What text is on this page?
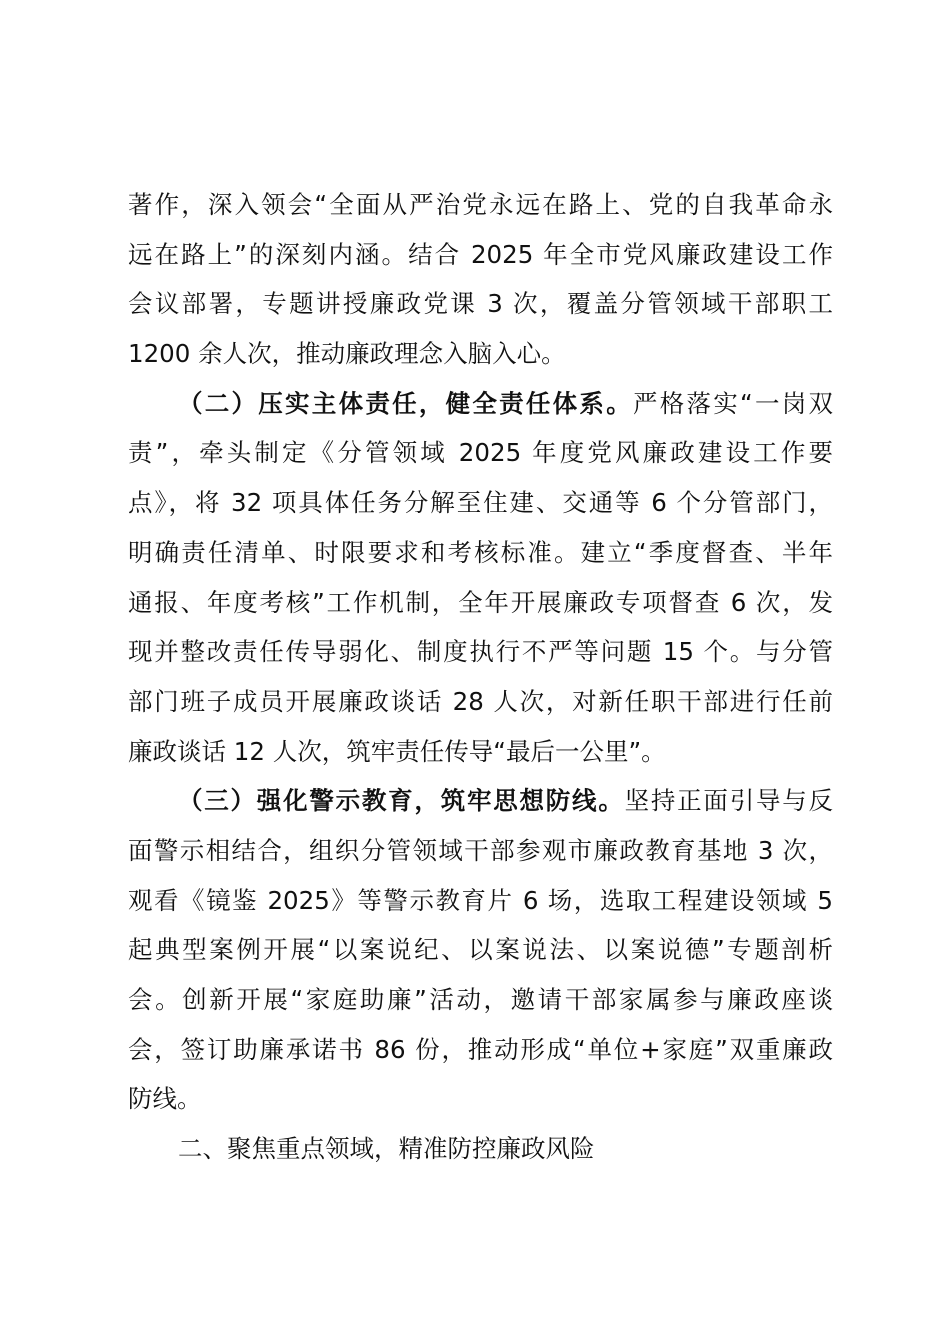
著作，深入领会“全面从严治党永远在路上、党的自我革命永
远在路上”的深刻内涵。结合 2025 年全市党风廉政建设工作
会议部署，专题讲授廉政党课 3 次，覆盖分管领域干部职工
1200 余人次，推动廉政理念入脑入心。
（二）压实主体责任，健全责任体系。严格落实“一岗双
责”，牵头制定《分管领域 2025 年度党风廉政建设工作要
点》，将 32 项具体任务分解至住建、交通等 6 个分管部门，
明确责任清单、时限要求和考核标准。建立“季度督查、半年
通报、年度考核”工作机制，全年开展廉政专项督查 6 次，发
现并整改责任传导弱化、制度执行不严等问题 15 个。与分管
部门班子成员开展廉政谈话 28 人次，对新任职干部进行任前
廉政谈话 12 人次，筑牢责任传导“最后一公里”。
（三）强化警示教育，筑牢思想防线。坚持正面引导与反
面警示相结合，组织分管领域干部参观市廉政教育基地 3 次，
观看《镜鉴 2025》等警示教育片 6 场，选取工程建设领域 5
起典型案例开展“以案说纪、以案说法、以案说德”专题剖析
会。创新开展“家庭助廉”活动，邀请干部家属参与廉政座谈
会，签订助廉承诺书 86 份，推动形成“单位+家庭”双重廉政
防线。
二、聚焦重点领域，精准防控廉政风险
